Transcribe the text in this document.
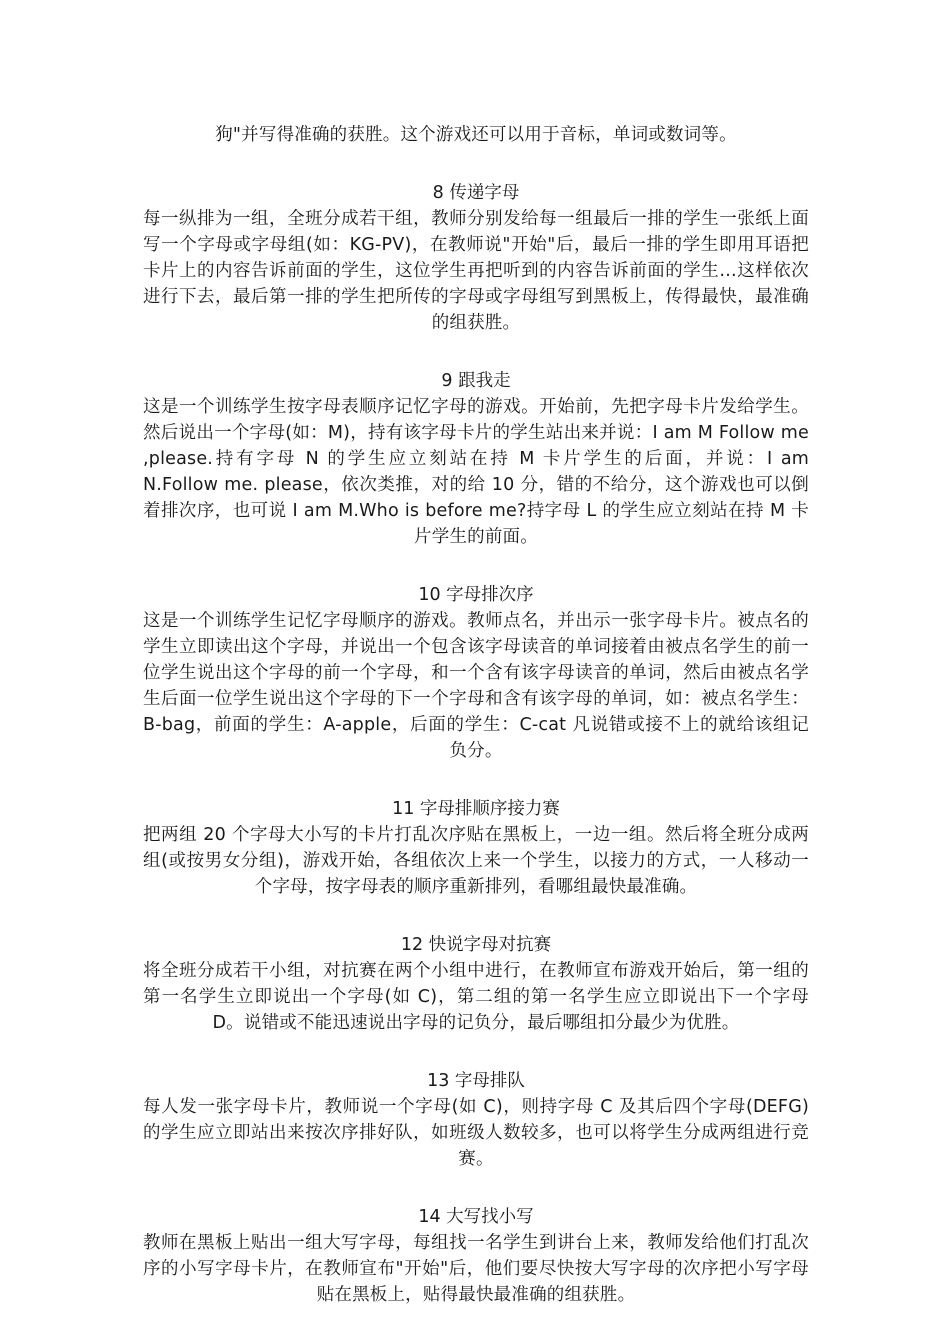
狗"并写得准确的获胜。这个游戏还可以用于音标，单词或数词等。

8 传递字母

每一纵排为一组，全班分成若干组，教师分别发给每一组最后一排的学生一张纸上面写一个字母或字母组(如：KG-PV)，在教师说"开始"后，最后一排的学生即用耳语把卡片上的内容告诉前面的学生，这位学生再把听到的内容告诉前面的学生…这样依次进行下去，最后第一排的学生把所传的字母或字母组写到黑板上，传得最快，最准确的组获胜。

9 跟我走

这是一个训练学生按字母表顺序记忆字母的游戏。开始前，先把字母卡片发给学生。然后说出一个字母(如：M)，持有该字母卡片的学生站出来并说：I am M Follow me ,please.持有字母 N 的学生应立刻站在持 M 卡片学生的后面，并说：I am N.Follow me. please，依次类推，对的给 10 分，错的不给分，这个游戏也可以倒着排次序，也可说 I am M.Who is before me?持字母 L 的学生应立刻站在持 M 卡片学生的前面。

10 字母排次序

这是一个训练学生记忆字母顺序的游戏。教师点名，并出示一张字母卡片。被点名的学生立即读出这个字母，并说出一个包含该字母读音的单词接着由被点名学生的前一位学生说出这个字母的前一个字母，和一个含有该字母读音的单词，然后由被点名学生后面一位学生说出这个字母的下一个字母和含有该字母的单词，如：被点名学生：B-bag，前面的学生：A-apple，后面的学生：C-cat 凡说错或接不上的就给该组记负分。

11 字母排顺序接力赛

把两组 20 个字母大小写的卡片打乱次序贴在黑板上，一边一组。然后将全班分成两组(或按男女分组)，游戏开始，各组依次上来一个学生，以接力的方式，一人移动一个字母，按字母表的顺序重新排列，看哪组最快最准确。

12 快说字母对抗赛

将全班分成若干小组，对抗赛在两个小组中进行，在教师宣布游戏开始后，第一组的第一名学生立即说出一个字母(如 C)，第二组的第一名学生应立即说出下一个字母 D。说错或不能迅速说出字母的记负分，最后哪组扣分最少为优胜。

13 字母排队

每人发一张字母卡片，教师说一个字母(如 C)，则持字母 C 及其后四个字母(DEFG)的学生应立即站出来按次序排好队，如班级人数较多，也可以将学生分成两组进行竞赛。

14 大写找小写

教师在黑板上贴出一组大写字母，每组找一名学生到讲台上来，教师发给他们打乱次序的小写字母卡片，在教师宣布"开始"后，他们要尽快按大写字母的次序把小写字母贴在黑板上，贴得最快最准确的组获胜。
